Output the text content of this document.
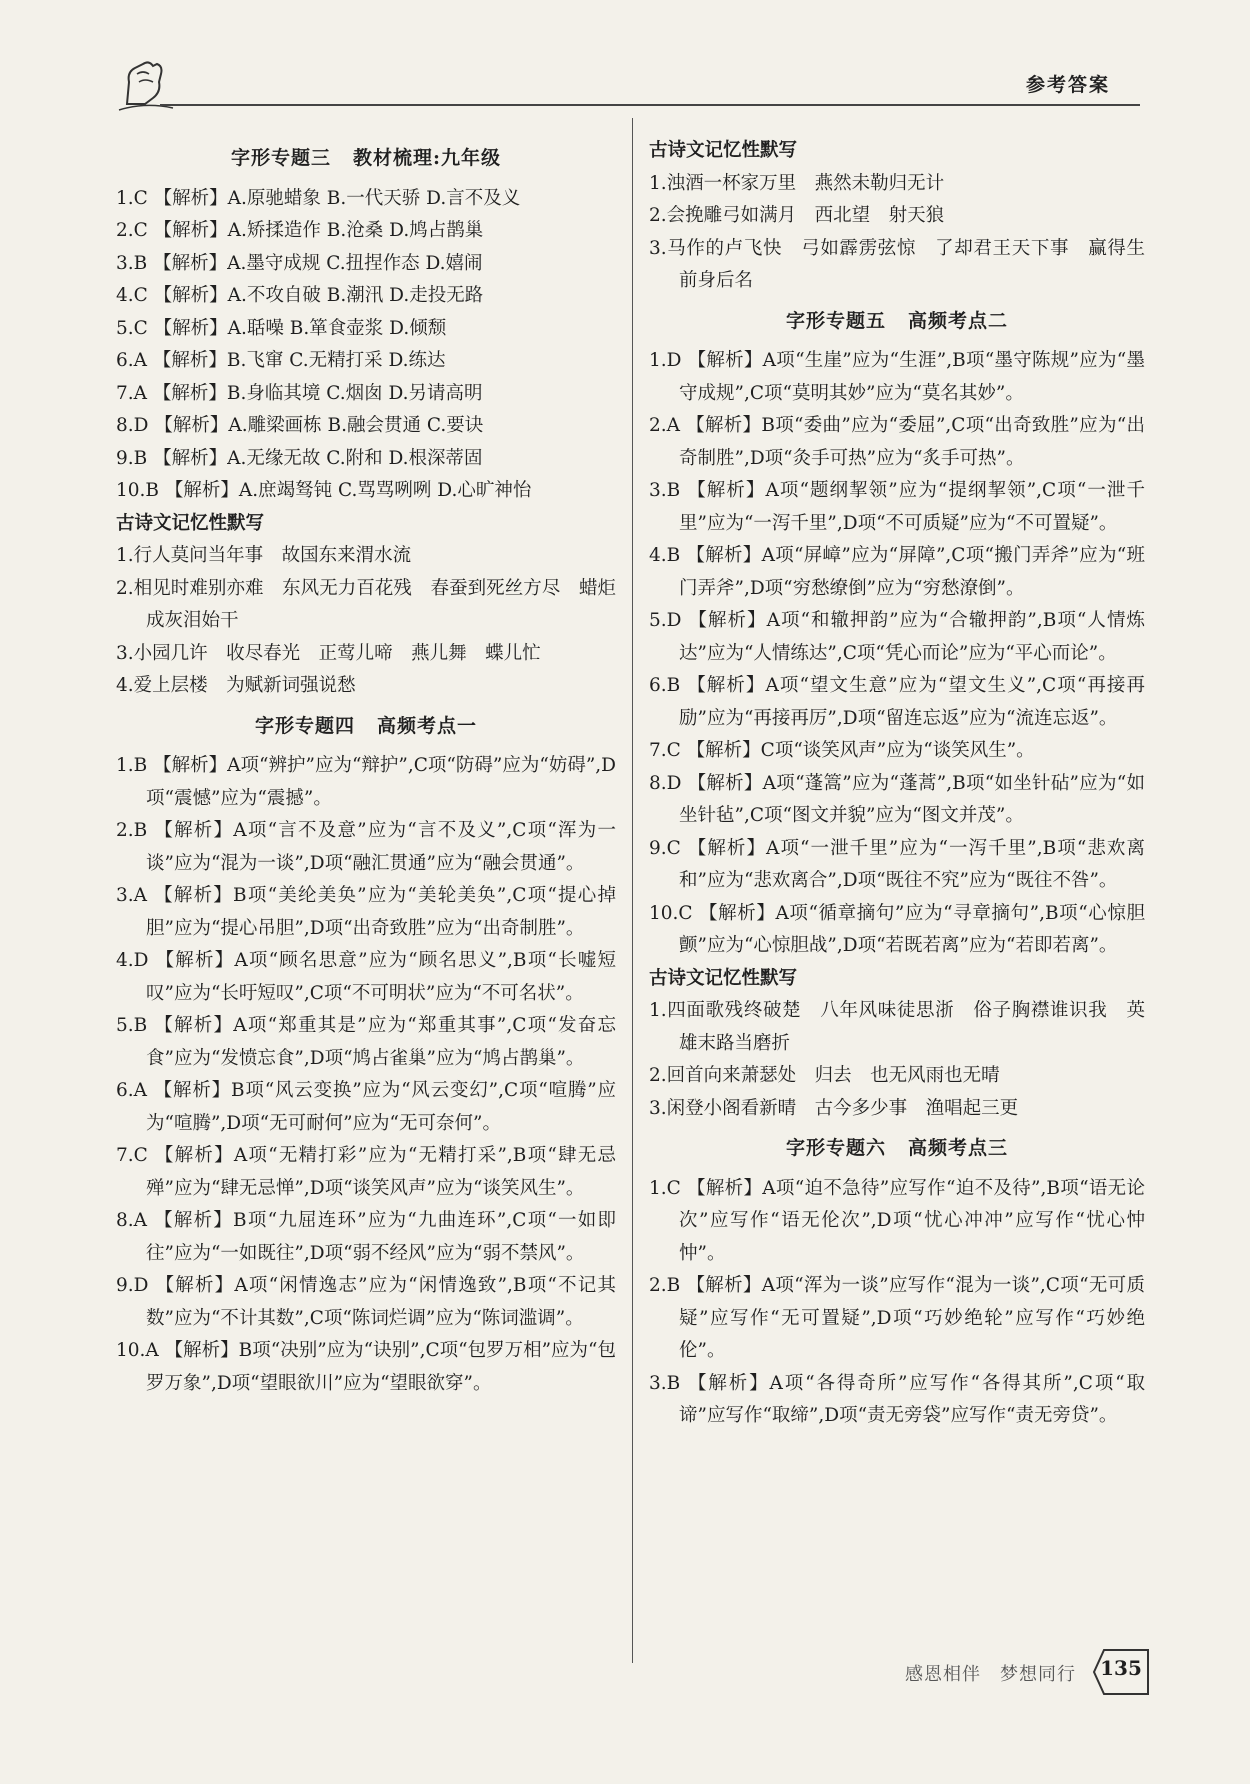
参考答案
字形专题三 教材梳理:九年级
1.C 【解析】A.原驰蜡象 B.一代天骄 D.言不及义
2.C 【解析】A.矫揉造作 B.沧桑 D.鸠占鹊巢
3.B 【解析】A.墨守成规 C.扭捏作态 D.嬉闹
4.C 【解析】A.不攻自破 B.潮汛 D.走投无路
5.C 【解析】A.聒噪 B.箪食壶浆 D.倾颓
6.A 【解析】B.飞窜 C.无精打采 D.练达
7.A 【解析】B.身临其境 C.烟囱 D.另请高明
8.D 【解析】A.雕梁画栋 B.融会贯通 C.要诀
9.B 【解析】A.无缘无故 C.附和 D.根深蒂固
10.B 【解析】A.庶竭驽钝 C.骂骂咧咧 D.心旷神怡
古诗文记忆性默写
1.行人莫问当年事　故国东来渭水流
2.相见时难别亦难　东风无力百花残　春蚕到死丝方尽　蜡炬成灰泪始干
3.小园几许　收尽春光　正莺儿啼　燕儿舞　蝶儿忙
4.爱上层楼　为赋新词强说愁
字形专题四 高频考点一
1.B 【解析】A项“辨护”应为“辩护”,C项“防碍”应为“妨碍”,D项“震憾”应为“震撼”。
2.B 【解析】A项“言不及意”应为“言不及义”,C项“浑为一谈”应为“混为一谈”,D项“融汇贯通”应为“融会贯通”。
3.A 【解析】B项“美纶美奂”应为“美轮美奂”,C项“提心掉胆”应为“提心吊胆”,D项“出奇致胜”应为“出奇制胜”。
4.D 【解析】A项“顾名思意”应为“顾名思义”,B项“长嘘短叹”应为“长吁短叹”,C项“不可明状”应为“不可名状”。
5.B 【解析】A项“郑重其是”应为“郑重其事”,C项“发奋忘食”应为“发愤忘食”,D项“鸠占雀巢”应为“鸠占鹊巢”。
6.A 【解析】B项“风云变换”应为“风云变幻”,C项“喧腾”应为“喧腾”,D项“无可耐何”应为“无可奈何”。
7.C 【解析】A项“无精打彩”应为“无精打采”,B项“肆无忌殚”应为“肆无忌惮”,D项“谈笑风声”应为“谈笑风生”。
8.A 【解析】B项“九屈连环”应为“九曲连环”,C项“一如即往”应为“一如既往”,D项“弱不经风”应为“弱不禁风”。
9.D 【解析】A项“闲情逸志”应为“闲情逸致”,B项“不记其数”应为“不计其数”,C项“陈词烂调”应为“陈词滥调”。
10.A 【解析】B项“决别”应为“诀别”,C项“包罗万相”应为“包罗万象”,D项“望眼欲川”应为“望眼欲穿”。
古诗文记忆性默写
1.浊酒一杯家万里　燕然未勒归无计
2.会挽雕弓如满月　西北望　射天狼
3.马作的卢飞快　弓如霹雳弦惊　了却君王天下事　赢得生前身后名
字形专题五 高频考点二
1.D 【解析】A项“生崖”应为“生涯”,B项“墨守陈规”应为“墨守成规”,C项“莫明其妙”应为“莫名其妙”。
2.A 【解析】B项“委曲”应为“委屈”,C项“出奇致胜”应为“出奇制胜”,D项“灸手可热”应为“炙手可热”。
3.B 【解析】A项“题纲挈领”应为“提纲挈领”,C项“一泄千里”应为“一泻千里”,D项“不可质疑”应为“不可置疑”。
4.B 【解析】A项“屏嶂”应为“屏障”,C项“搬门弄斧”应为“班门弄斧”,D项“穷愁缭倒”应为“穷愁潦倒”。
5.D 【解析】A项“和辙押韵”应为“合辙押韵”,B项“人情炼达”应为“人情练达”,C项“凭心而论”应为“平心而论”。
6.B 【解析】A项“望文生意”应为“望文生义”,C项“再接再励”应为“再接再厉”,D项“留连忘返”应为“流连忘返”。
7.C 【解析】C项“谈笑风声”应为“谈笑风生”。
8.D 【解析】A项“蓬篙”应为“蓬蒿”,B项“如坐针砧”应为“如坐针毡”,C项“图文并貌”应为“图文并茂”。
9.C 【解析】A项“一泄千里”应为“一泻千里”,B项“悲欢离和”应为“悲欢离合”,D项“既往不究”应为“既往不咎”。
10.C 【解析】A项“循章摘句”应为“寻章摘句”,B项“心惊胆颤”应为“心惊胆战”,D项“若既若离”应为“若即若离”。
古诗文记忆性默写
1.四面歌残终破楚　八年风味徒思浙　俗子胸襟谁识我　英雄末路当磨折
2.回首向来萧瑟处　归去　也无风雨也无晴
3.闲登小阁看新晴　古今多少事　渔唱起三更
字形专题六 高频考点三
1.C 【解析】A项“迫不急待”应写作“迫不及待”,B项“语无论次”应写作“语无伦次”,D项“忧心冲冲”应写作“忧心忡忡”。
2.B 【解析】A项“浑为一谈”应写作“混为一谈”,C项“无可质疑”应写作“无可置疑”,D项“巧妙绝轮”应写作“巧妙绝伦”。
3.B 【解析】A项“各得奇所”应写作“各得其所”,C项“取谛”应写作“取缔”,D项“责无旁袋”应写作“责无旁贷”。
感恩相伴　梦想同行	135
